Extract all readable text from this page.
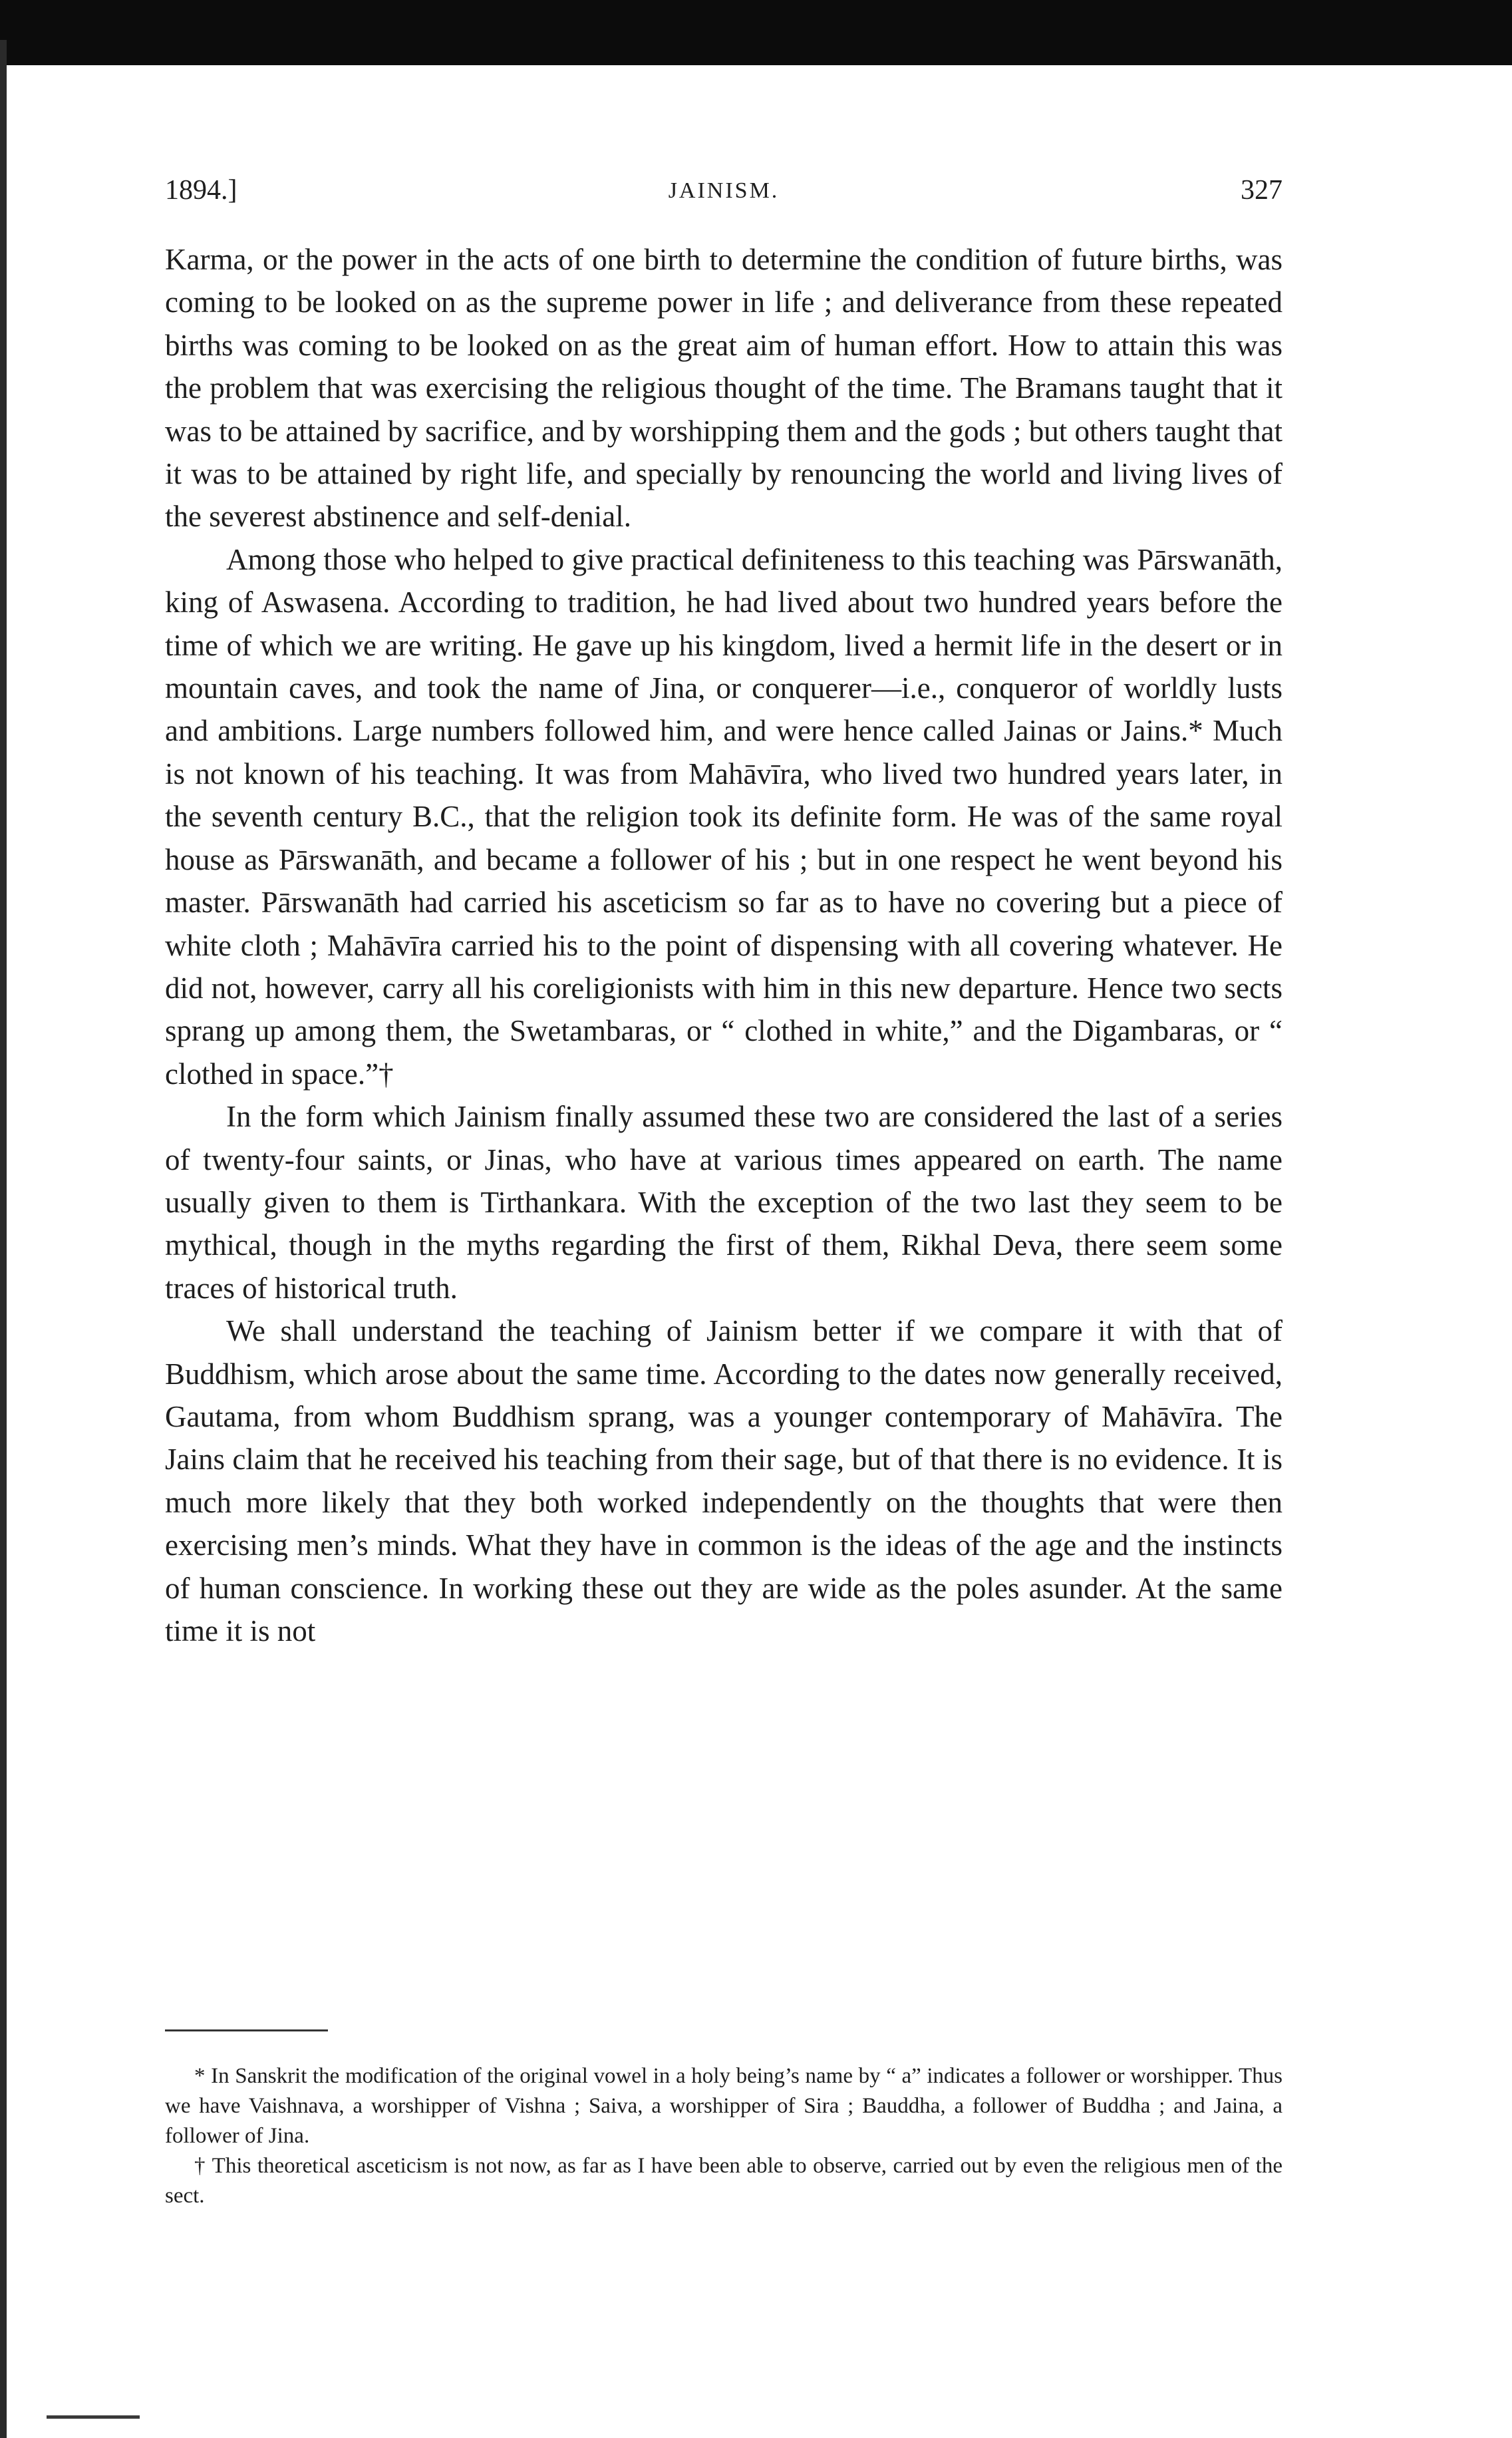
1894.]	JAINISM.	327

Karma, or the power in the acts of one birth to determine the condition of future births, was coming to be looked on as the supreme power in life ; and deliverance from these repeated births was coming to be looked on as the great aim of human effort. How to attain this was the problem that was exercising the religious thought of the time. The Bramans taught that it was to be attained by sacrifice, and by worshipping them and the gods ; but others taught that it was to be attained by right life, and specially by renouncing the world and living lives of the severest abstinence and self-denial.

Among those who helped to give practical definiteness to this teaching was Pārswanāth, king of Aswasena. According to tradition, he had lived about two hundred years before the time of which we are writing. He gave up his kingdom, lived a hermit life in the desert or in mountain caves, and took the name of Jina, or conquerer—i.e., conqueror of worldly lusts and ambitions. Large numbers followed him, and were hence called Jainas or Jains.* Much is not known of his teaching. It was from Mahāvīra, who lived two hundred years later, in the seventh century B.C., that the religion took its definite form. He was of the same royal house as Pārswanāth, and became a follower of his ; but in one respect he went beyond his master. Pārswanāth had carried his asceticism so far as to have no covering but a piece of white cloth ; Mahāvīra carried his to the point of dispensing with all covering whatever. He did not, however, carry all his coreligionists with him in this new departure. Hence two sects sprang up among them, the Swetambaras, or “ clothed in white,” and the Digambaras, or “ clothed in space.”†

In the form which Jainism finally assumed these two are considered the last of a series of twenty-four saints, or Jinas, who have at various times appeared on earth. The name usually given to them is Tirthankara. With the exception of the two last they seem to be mythical, though in the myths regarding the first of them, Rikhal Deva, there seem some traces of historical truth.

We shall understand the teaching of Jainism better if we compare it with that of Buddhism, which arose about the same time. According to the dates now generally received, Gautama, from whom Buddhism sprang, was a younger contemporary of Mahāvīra. The Jains claim that he received his teaching from their sage, but of that there is no evidence. It is much more likely that they both worked independently on the thoughts that were then exercising men’s minds. What they have in common is the ideas of the age and the instincts of human conscience. In working these out they are wide as the poles asunder. At the same time it is not

* In Sanskrit the modification of the original vowel in a holy being’s name by “ a” indicates a follower or worshipper. Thus we have Vaishnava, a worshipper of Vishna ; Saiva, a worshipper of Sira ; Bauddha, a follower of Buddha ; and Jaina, a follower of Jina.

† This theoretical asceticism is not now, as far as I have been able to observe, carried out by even the religious men of the sect.
